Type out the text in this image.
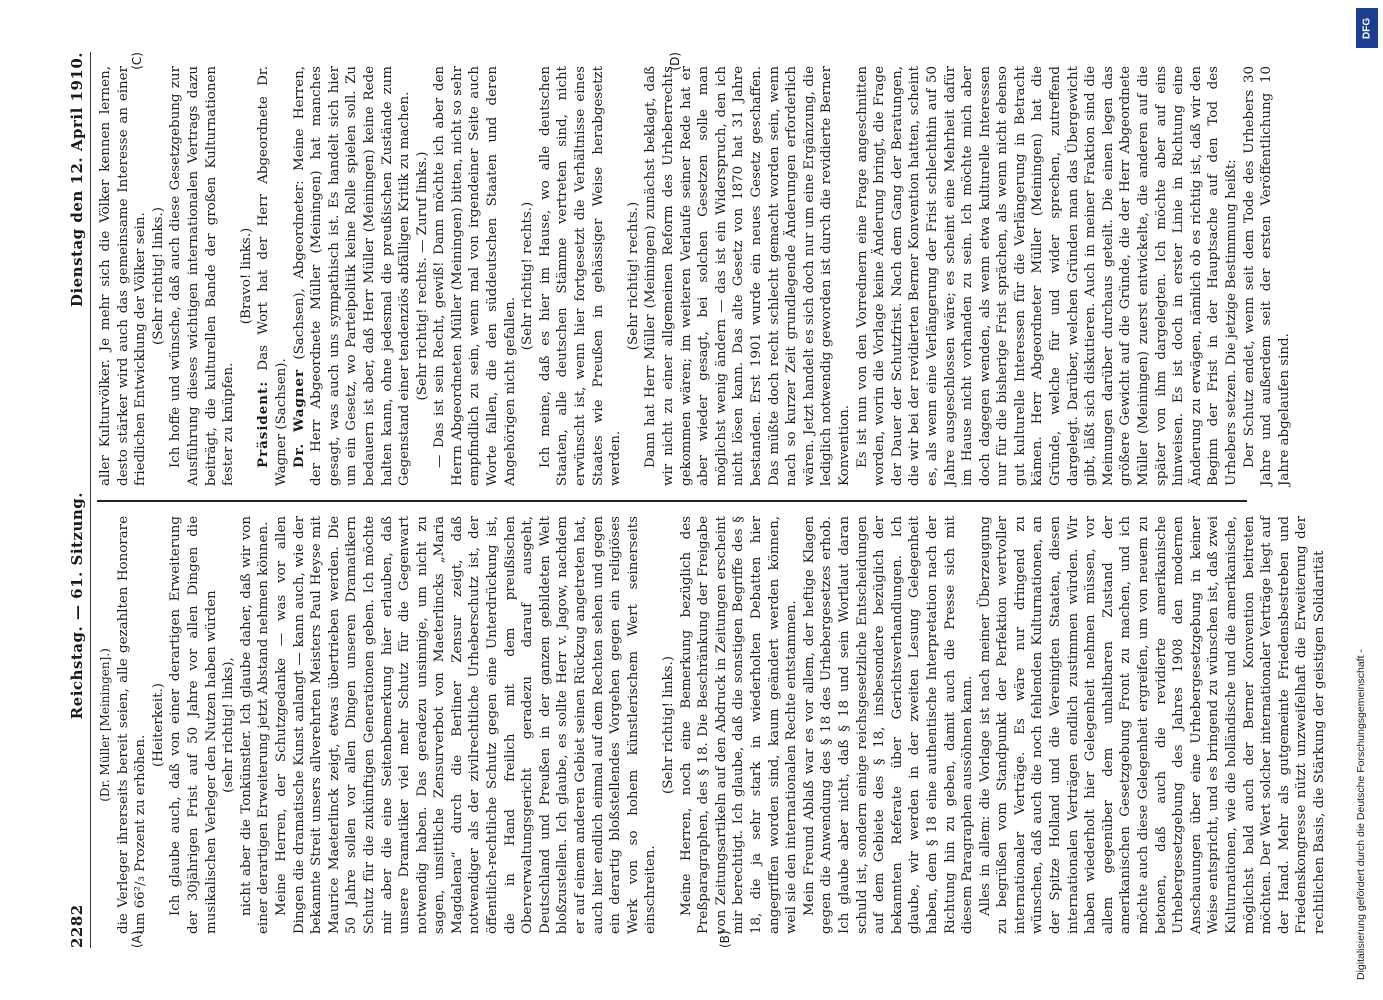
2282
Reichstag. — 61. Sitzung.
Dienstag den 12. April 1910.

(Dr. Müller [Meiningen].) die Verleger ihrerseits bereit seien, alle gezahlten Honorare um 66²/₃ Prozent zu erhöhen.

(Heiterkeit.) Ich glaube auch, daß von einer derartigen Erweiterung der 30jährigen Frist auf 50 Jahre vor allen Dingen die musikalischen Verleger den Nutzen haben würden (sehr richtig! links), nicht aber die Tonkünstler. Ich glaube daher, daß wir von einer derartigen Erweiterung jetzt Abstand nehmen können. Meine Herren, der Schutzgedanke — was vor allen Dingen die dramatische Kunst anlangt — kann auch, wie der bekannte Streit unsers allverehrten Meisters Paul Heyse mit Maurice Maeterlinck zeigt, etwas übertrieben werden. Die 50 Jahre sollen vor allen Dingen unseren Dramatikern Schutz für die zukünftigen Generationen geben. Ich möchte mir aber die eine Seitenbemerkung hier erlauben, daß unsere Dramatiker viel mehr Schutz für die Gegenwart notwendig haben. Das geradezu unsinnige, um nicht zu sagen, unsittliche Zensurverbot von Maeterlincks „Maria Magdalena“ durch die Berliner Zensur zeigt, daß notwendiger als der zivilrechtliche Urheberschutz ist, der öffentlich-rechtliche Schutz gegen eine Unterdrückung ist, die in Hand freilich mit dem preußischen Oberverwaltungsgericht geradezu darauf ausgeht, Deutschland und Preußen in der ganzen gebildeten Welt bloßzustellen. Ich glaube, es sollte Herr v. Jagow, nachdem er auf einem anderen Gebiet seinen Rückzug angetreten hat, auch hier endlich einmal auf dem Rechten sehen und gegen ein derartig bloßstellendes Vorgehen gegen ein religiöses Werk von so hohem künstlerischem Wert seinerseits einschreiten.

(Sehr richtig! links.) Meine Herren, noch eine Bemerkung bezüglich des Preßparagraphen, des § 18. Die Beschränkung der Freigabe von Zeitungsartikeln auf den Abdruck in Zeitungen erscheint mir berechtigt. Ich glaube, daß die sonstigen Begriffe des § 18, die ja sehr stark in wiederholten Debatten hier angegriffen worden sind, kaum geändert werden können, weil sie den internationalen Rechte entstammen. Mein Freund Ablaß war es vor allem, der heftige Klagen gegen die Anwendung des § 18 des Urhebergesetzes erhob. Ich glaube aber nicht, daß § 18 und sein Wortlaut daran schuld ist, sondern einige reichsgesetzliche Entscheidungen auf dem Gebiete des § 18, insbesondere bezüglich der bekannten Referate über Gerichtsverhandlungen. Ich glaube, wir werden in der zweiten Lesung Gelegenheit haben, dem § 18 eine authentische Interpretation nach der Richtung hin zu geben, damit auch die Presse sich mit diesem Paragraphen aussöhnen kann. Alles in allem: die Vorlage ist nach meiner Überzeugung zu begrüßen vom Standpunkt der Perfektion wertvoller internationaler Verträge. Es wäre nur dringend zu wünschen, daß auch die noch fehlenden Kulturnationen, an der Spitze Holland und die Vereinigten Staaten, diesen internationalen Verträgen endlich zustimmen würden. Wir haben wiederholt hier Gelegenheit nehmen müssen, vor allem gegenüber dem unhaltbaren Zustand der amerikanischen Gesetzgebung Front zu machen, und ich möchte auch diese Gelegenheit ergreifen, um von neuem zu betonen, daß auch die revidierte amerikanische Urhebergesetzgebung des Jahres 1908 den modernen Anschauungen über eine Urhebergesetzgebung in keiner Weise entspricht, und es bringend zu wünschen ist, daß zwei Kulturnationen, wie die holländische und die amerikanische, möglichst bald auch der Berner Konvention beitreten möchten. Der Wert solcher internationaler Verträge liegt auf der Hand. Mehr als gutgemeinte Friedensbestreben und Friedenskongresse nützt unzweifelhaft die Erweiterung der rechtlichen Basis, die Stärkung der geistigen Solidarität

(A)	(B)

aller Kulturvölker. Je mehr sich die Völker kennen lernen, desto stärker wird auch das gemeinsame Interesse an einer friedlichen Entwicklung der Völker sein. (Sehr richtig! links.) Ich hoffe und wünsche, daß auch diese Gesetzgebung zur Ausführung dieses wichtigen internationalen Vertrags dazu beiträgt, die kulturellen Bande der großen Kulturnationen fester zu knüpfen.

(Bravo! links.)

Präsident: Das Wort hat der Herr Abgeordnete Dr. Wagner (Sachsen). Dr. Wagner (Sachsen), Abgeordneter: Meine Herren, der Herr Abgeordnete Müller (Meiningen) hat manches gesagt, was auch uns sympathisch ist. Es handelt sich hier um ein Gesetz, wo Parteipolitik keine Rolle spielen soll. Zu bedauern ist aber, daß Herr Müller (Meiningen) keine Rede halten kann, ohne jedesmal die preußischen Zustände zum Gegenstand einer tendenziös abfälligen Kritik zu machen. (Sehr richtig! rechts. — Zuruf links.) — Das ist sein Recht, gewiß! Dann möchte ich aber den Herrn Abgeordneten Müller (Meiningen) bitten, nicht so sehr empfindlich zu sein, wenn mal von irgendeiner Seite auch Worte fallen, die den süddeutschen Staaten und deren Angehörigen nicht gefallen.

(Sehr richtig! rechts.) Ich meine, daß es hier im Hause, wo alle deutschen Staaten, alle deutschen Stämme vertreten sind, nicht erwünscht ist, wenn hier fortgesetzt die Verhältnisse eines Staates wie Preußen in gehässiger Weise herabgesetzt werden.

(Sehr richtig! rechts.) Dann hat Herr Müller (Meiningen) zunächst beklagt, daß wir nicht zu einer allgemeinen Reform des Urheberrechts gekommen wären; im weiteren Verlaufe seiner Rede hat er aber wieder gesagt, bei solchen Gesetzen solle man möglichst wenig ändern — das ist ein Widerspruch, den ich nicht lösen kann. Das alte Gesetz von 1870 hat 31 Jahre bestanden. Erst 1901 wurde ein neues Gesetz geschaffen. Das müßte doch recht schlecht gemacht worden sein, wenn nach so kurzer Zeit grundlegende Änderungen erforderlich wären. Jetzt handelt es sich doch nur um eine Ergänzung, die lediglich notwendig geworden ist durch die revidierte Berner Konvention. Es ist nun von den Vorrednern eine Frage angeschnitten worden, worin die Vorlage keine Änderung bringt, die Frage der Dauer der Schutzfrist. Nach dem Gang der Beratungen, die wir bei der revidierten Berner Konvention hatten, scheint es, als wenn eine Verlängerung der Frist schlechthin auf 50 Jahre ausgeschlossen wäre; es scheint eine Mehrheit dafür im Hause nicht vorhanden zu sein. Ich möchte mich aber doch dagegen wenden, als wenn etwa kulturelle Interessen nur für die bisherige Frist sprächen, als wenn nicht ebenso gut kulturelle Interessen für die Verlängerung in Betracht kämen. Herr Abgeordneter Müller (Meiningen) hat die Gründe, welche für und wider sprechen, zutreffend dargelegt. Darüber, welchen Gründen man das Übergewicht gibt, läßt sich diskutieren. Auch in meiner Fraktion sind die Meinungen darüber durchaus geteilt. Die einen legen das größere Gewicht auf die Gründe, die der Herr Abgeordnete Müller (Meiningen) zuerst entwickelte, die anderen auf die später von ihm dargelegten. Ich möchte aber auf eins hinweisen. Es ist doch in erster Linie in Richtung eine Änderung zu erwägen, nämlich ob es richtig ist, daß wir den Beginn der Frist in der Hauptsache auf den Tod des Urhebers setzen. Die jetzige Bestimmung heißt: Der Schutz endet, wenn seit dem Tode des Urhebers 30 Jahre und außerdem seit der ersten Veröffentlichung 10 Jahre abgelaufen sind.

(C)	(D)
DFG
Digitalisierung gefördert durch die Deutsche Forschungsgemeinschaft -
